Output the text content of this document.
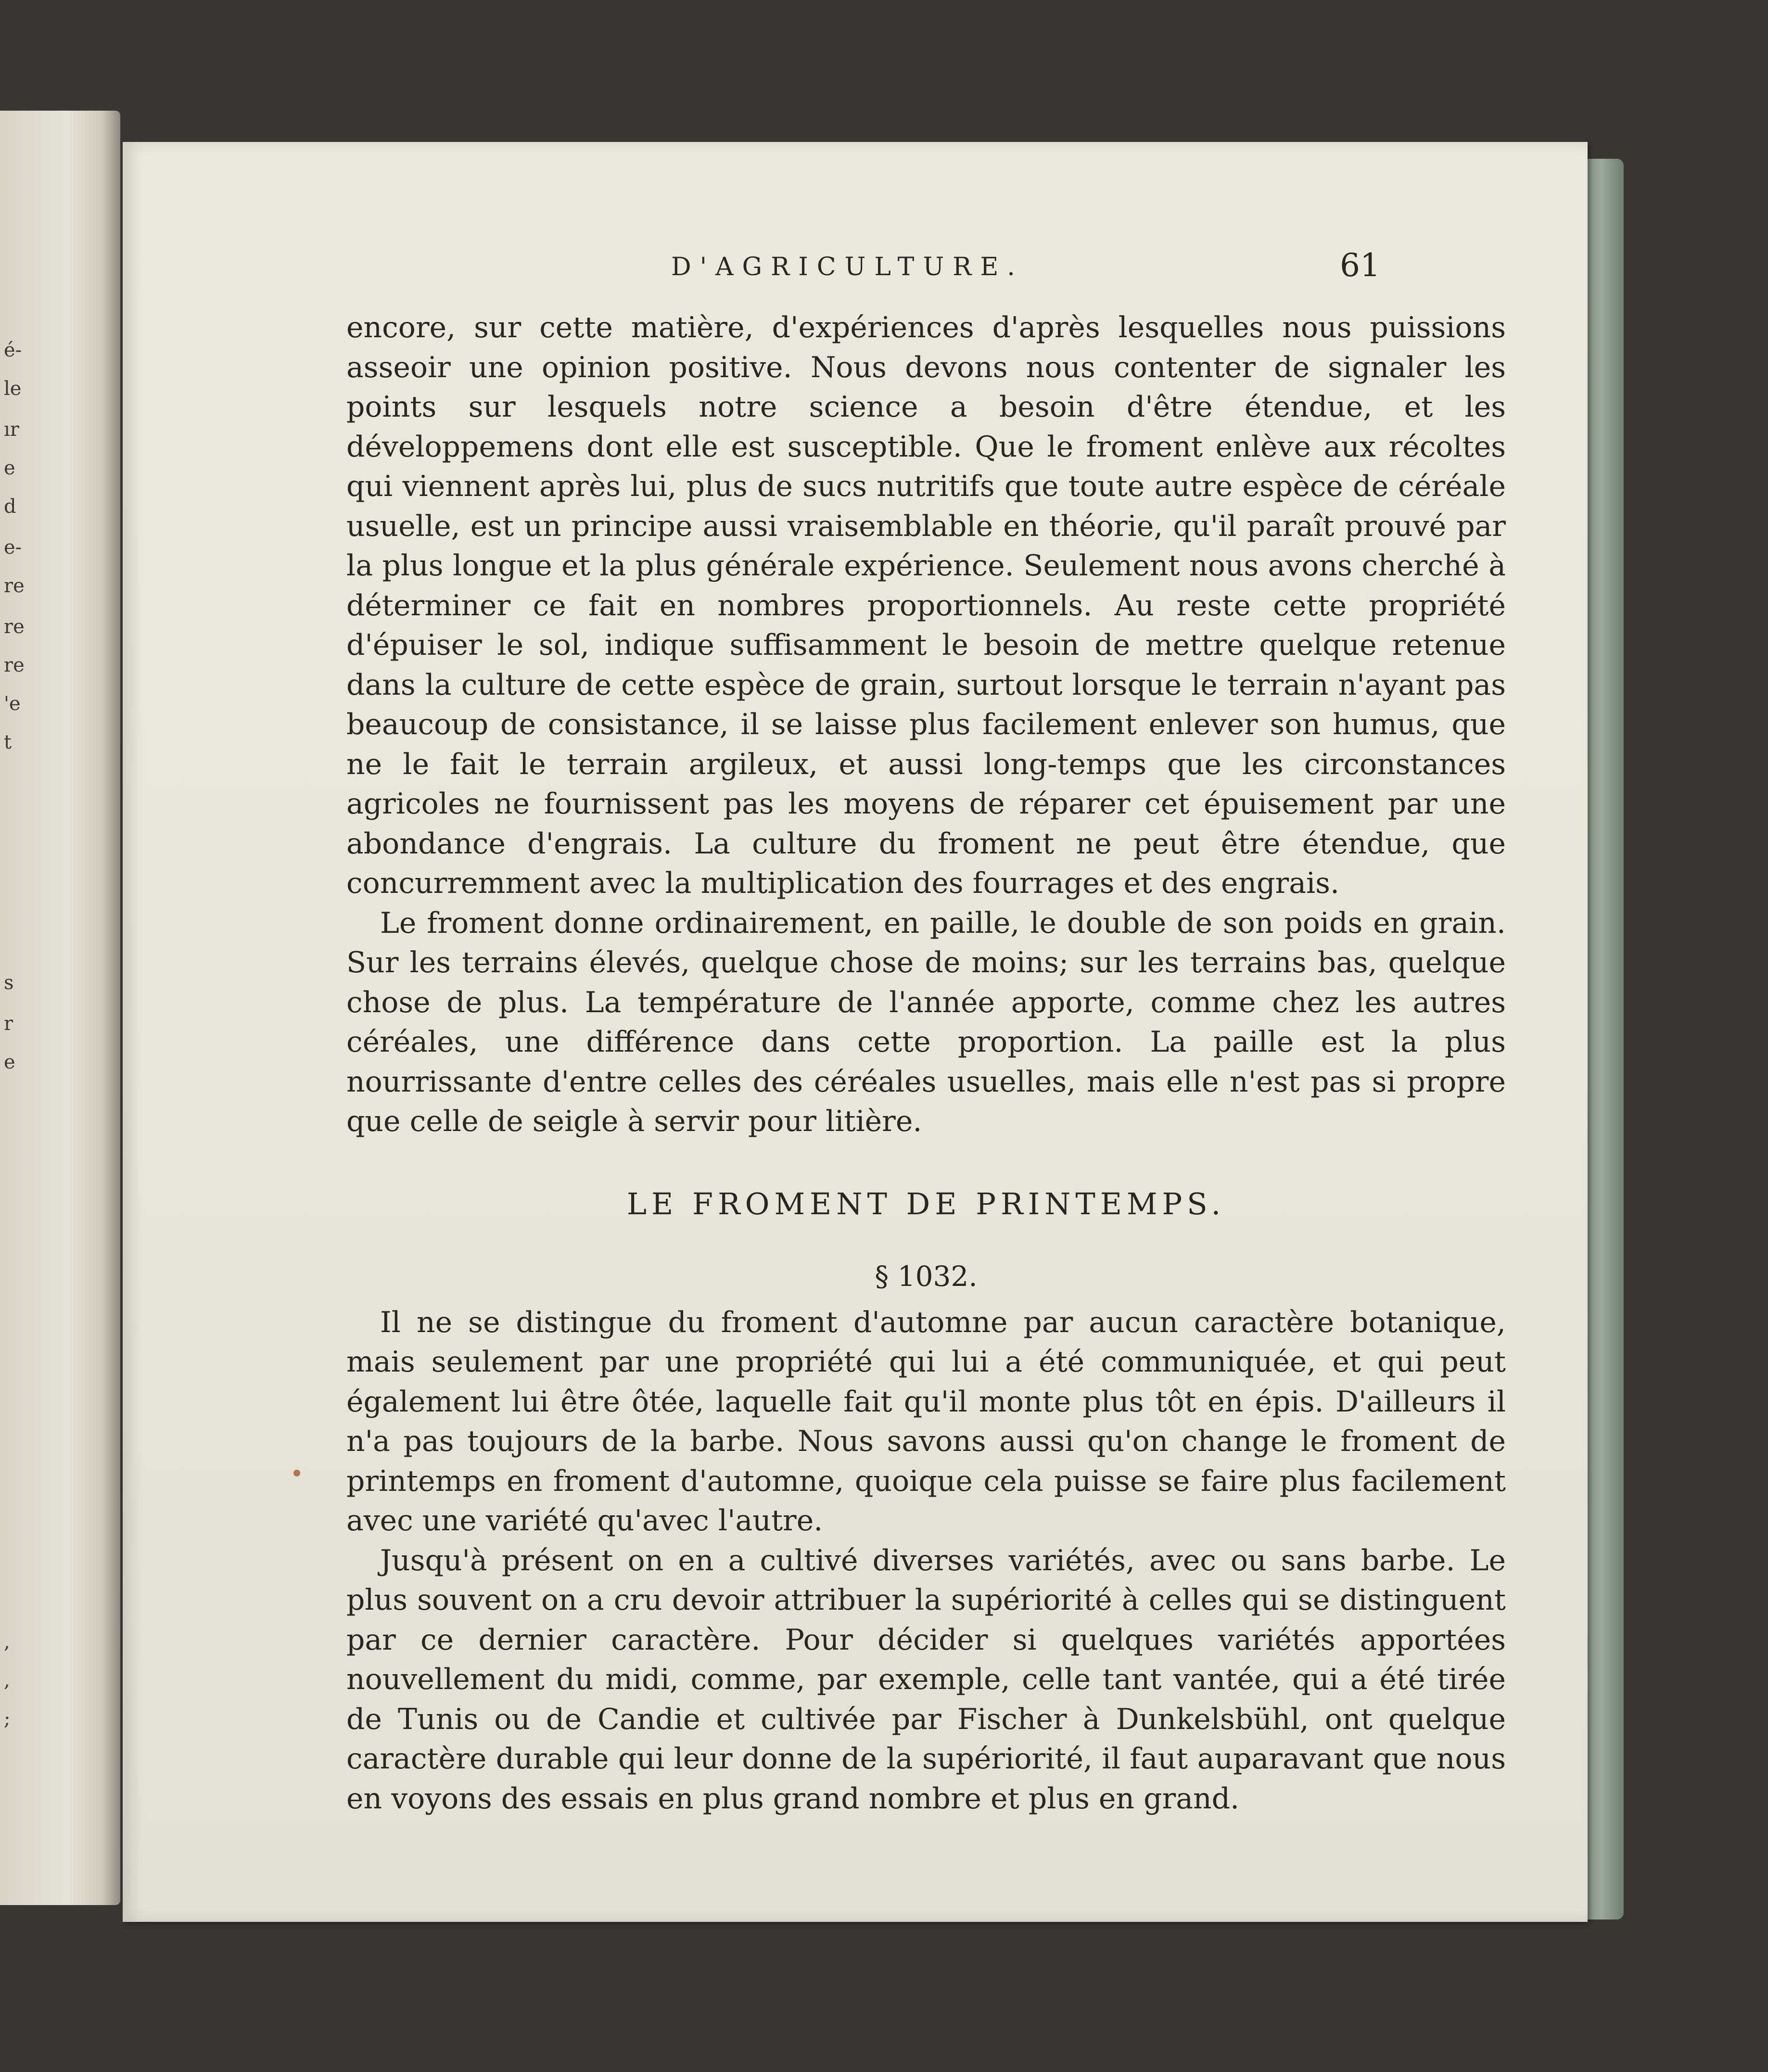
é-
le
ır
e
d
e-
re
re
re
'e
t
s
r
e
,
,
;
D'AGRICULTURE.	61

encore, sur cette matière, d'expériences d'après lesquelles nous puissions asseoir une opinion positive. Nous devons nous contenter de signaler les points sur lesquels notre science a besoin d'être étendue, et les développemens dont elle est susceptible. Que le froment enlève aux récoltes qui viennent après lui, plus de sucs nutritifs que toute autre espèce de céréale usuelle, est un principe aussi vraisemblable en théorie, qu'il paraît prouvé par la plus longue et la plus générale expérience. Seulement nous avons cherché à déterminer ce fait en nombres proportionnels. Au reste cette propriété d'épuiser le sol, indique suffisamment le besoin de mettre quelque retenue dans la culture de cette espèce de grain, surtout lorsque le terrain n'ayant pas beaucoup de consistance, il se laisse plus facilement enlever son humus, que ne le fait le terrain argileux, et aussi long-temps que les circonstances agricoles ne fournissent pas les moyens de réparer cet épuisement par une abondance d'engrais. La culture du froment ne peut être étendue, que concurremment avec la multiplication des fourrages et des engrais.

Le froment donne ordinairement, en paille, le double de son poids en grain. Sur les terrains élevés, quelque chose de moins; sur les terrains bas, quelque chose de plus. La température de l'année apporte, comme chez les autres céréales, une différence dans cette proportion. La paille est la plus nourrissante d'entre celles des céréales usuelles, mais elle n'est pas si propre que celle de seigle à servir pour litière.

LE FROMENT DE PRINTEMPS.

§ 1032.

Il ne se distingue du froment d'automne par aucun caractère botanique, mais seulement par une propriété qui lui a été communiquée, et qui peut également lui être ôtée, laquelle fait qu'il monte plus tôt en épis. D'ailleurs il n'a pas toujours de la barbe. Nous savons aussi qu'on change le froment de printemps en froment d'automne, quoique cela puisse se faire plus facilement avec une variété qu'avec l'autre.

Jusqu'à présent on en a cultivé diverses variétés, avec ou sans barbe. Le plus souvent on a cru devoir attribuer la supériorité à celles qui se distinguent par ce dernier caractère. Pour décider si quelques variétés apportées nouvellement du midi, comme, par exemple, celle tant vantée, qui a été tirée de Tunis ou de Candie et cultivée par Fischer à Dunkelsbühl, ont quelque caractère durable qui leur donne de la supériorité, il faut auparavant que nous en voyons des essais en plus grand nombre et plus en grand.
